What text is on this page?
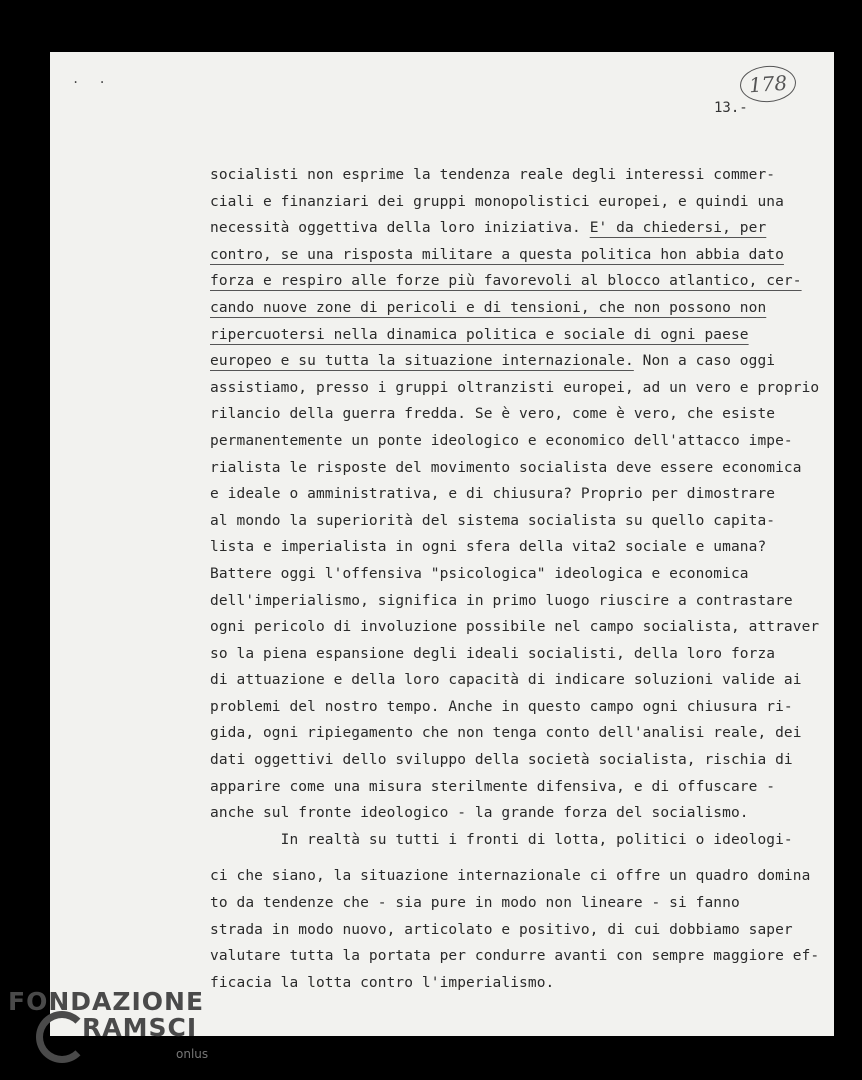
. .	178
13.-
socialisti non esprime la tendenza reale degli interessi commer-
ciali e finanziari dei gruppi monopolistici europei, e quindi una
necessità oggettiva della loro iniziativa. E' da chiedersi, per
contro, se una risposta militare a questa politica hon abbia dato
forza e respiro alle forze più favorevoli al blocco atlantico, cer-
cando nuove zone di pericoli e di tensioni, che non possono non
ripercuotersi nella dinamica politica e sociale di ogni paese
europeo e su tutta la situazione internazionale. Non a caso oggi
assistiamo, presso i gruppi oltranzisti europei, ad un vero e proprio
rilancio della guerra fredda. Se è vero, come è vero, che esiste
permanentemente un ponte ideologico e economico dell'attacco impe-
rialista le risposte del movimento socialista deve essere economica
e ideale o amministrativa, e di chiusura? Proprio per dimostrare
al mondo la superiorità del sistema socialista su quello capita-
lista e imperialista in ogni sfera della vita2 sociale e umana?
Battere oggi l'offensiva "psicologica" ideologica e economica
dell'imperialismo, significa in primo luogo riuscire a contrastare
ogni pericolo di involuzione possibile nel campo socialista, attraver
so la piena espansione degli ideali socialisti, della loro forza
di attuazione e della loro capacità di indicare soluzioni valide ai
problemi del nostro tempo. Anche in questo campo ogni chiusura ri-
gida, ogni ripiegamento che non tenga conto dell'analisi reale, dei
dati oggettivi dello sviluppo della società socialista, rischia di
apparire come una misura sterilmente difensiva, e di offuscare -
anche sul fronte ideologico - la grande forza del socialismo.
In realtà su tutti i fronti di lotta, politici o ideologi-
ci che siano, la situazione internazionale ci offre un quadro domina
to da tendenze che - sia pure in modo non lineare - si fanno
strada in modo nuovo, articolato e positivo, di cui dobbiamo saper
valutare tutta la portata per condurre avanti con sempre maggiore ef-
ficacia la lotta contro l'imperialismo.
FONDAZIONE
RAMSCI
onlus
